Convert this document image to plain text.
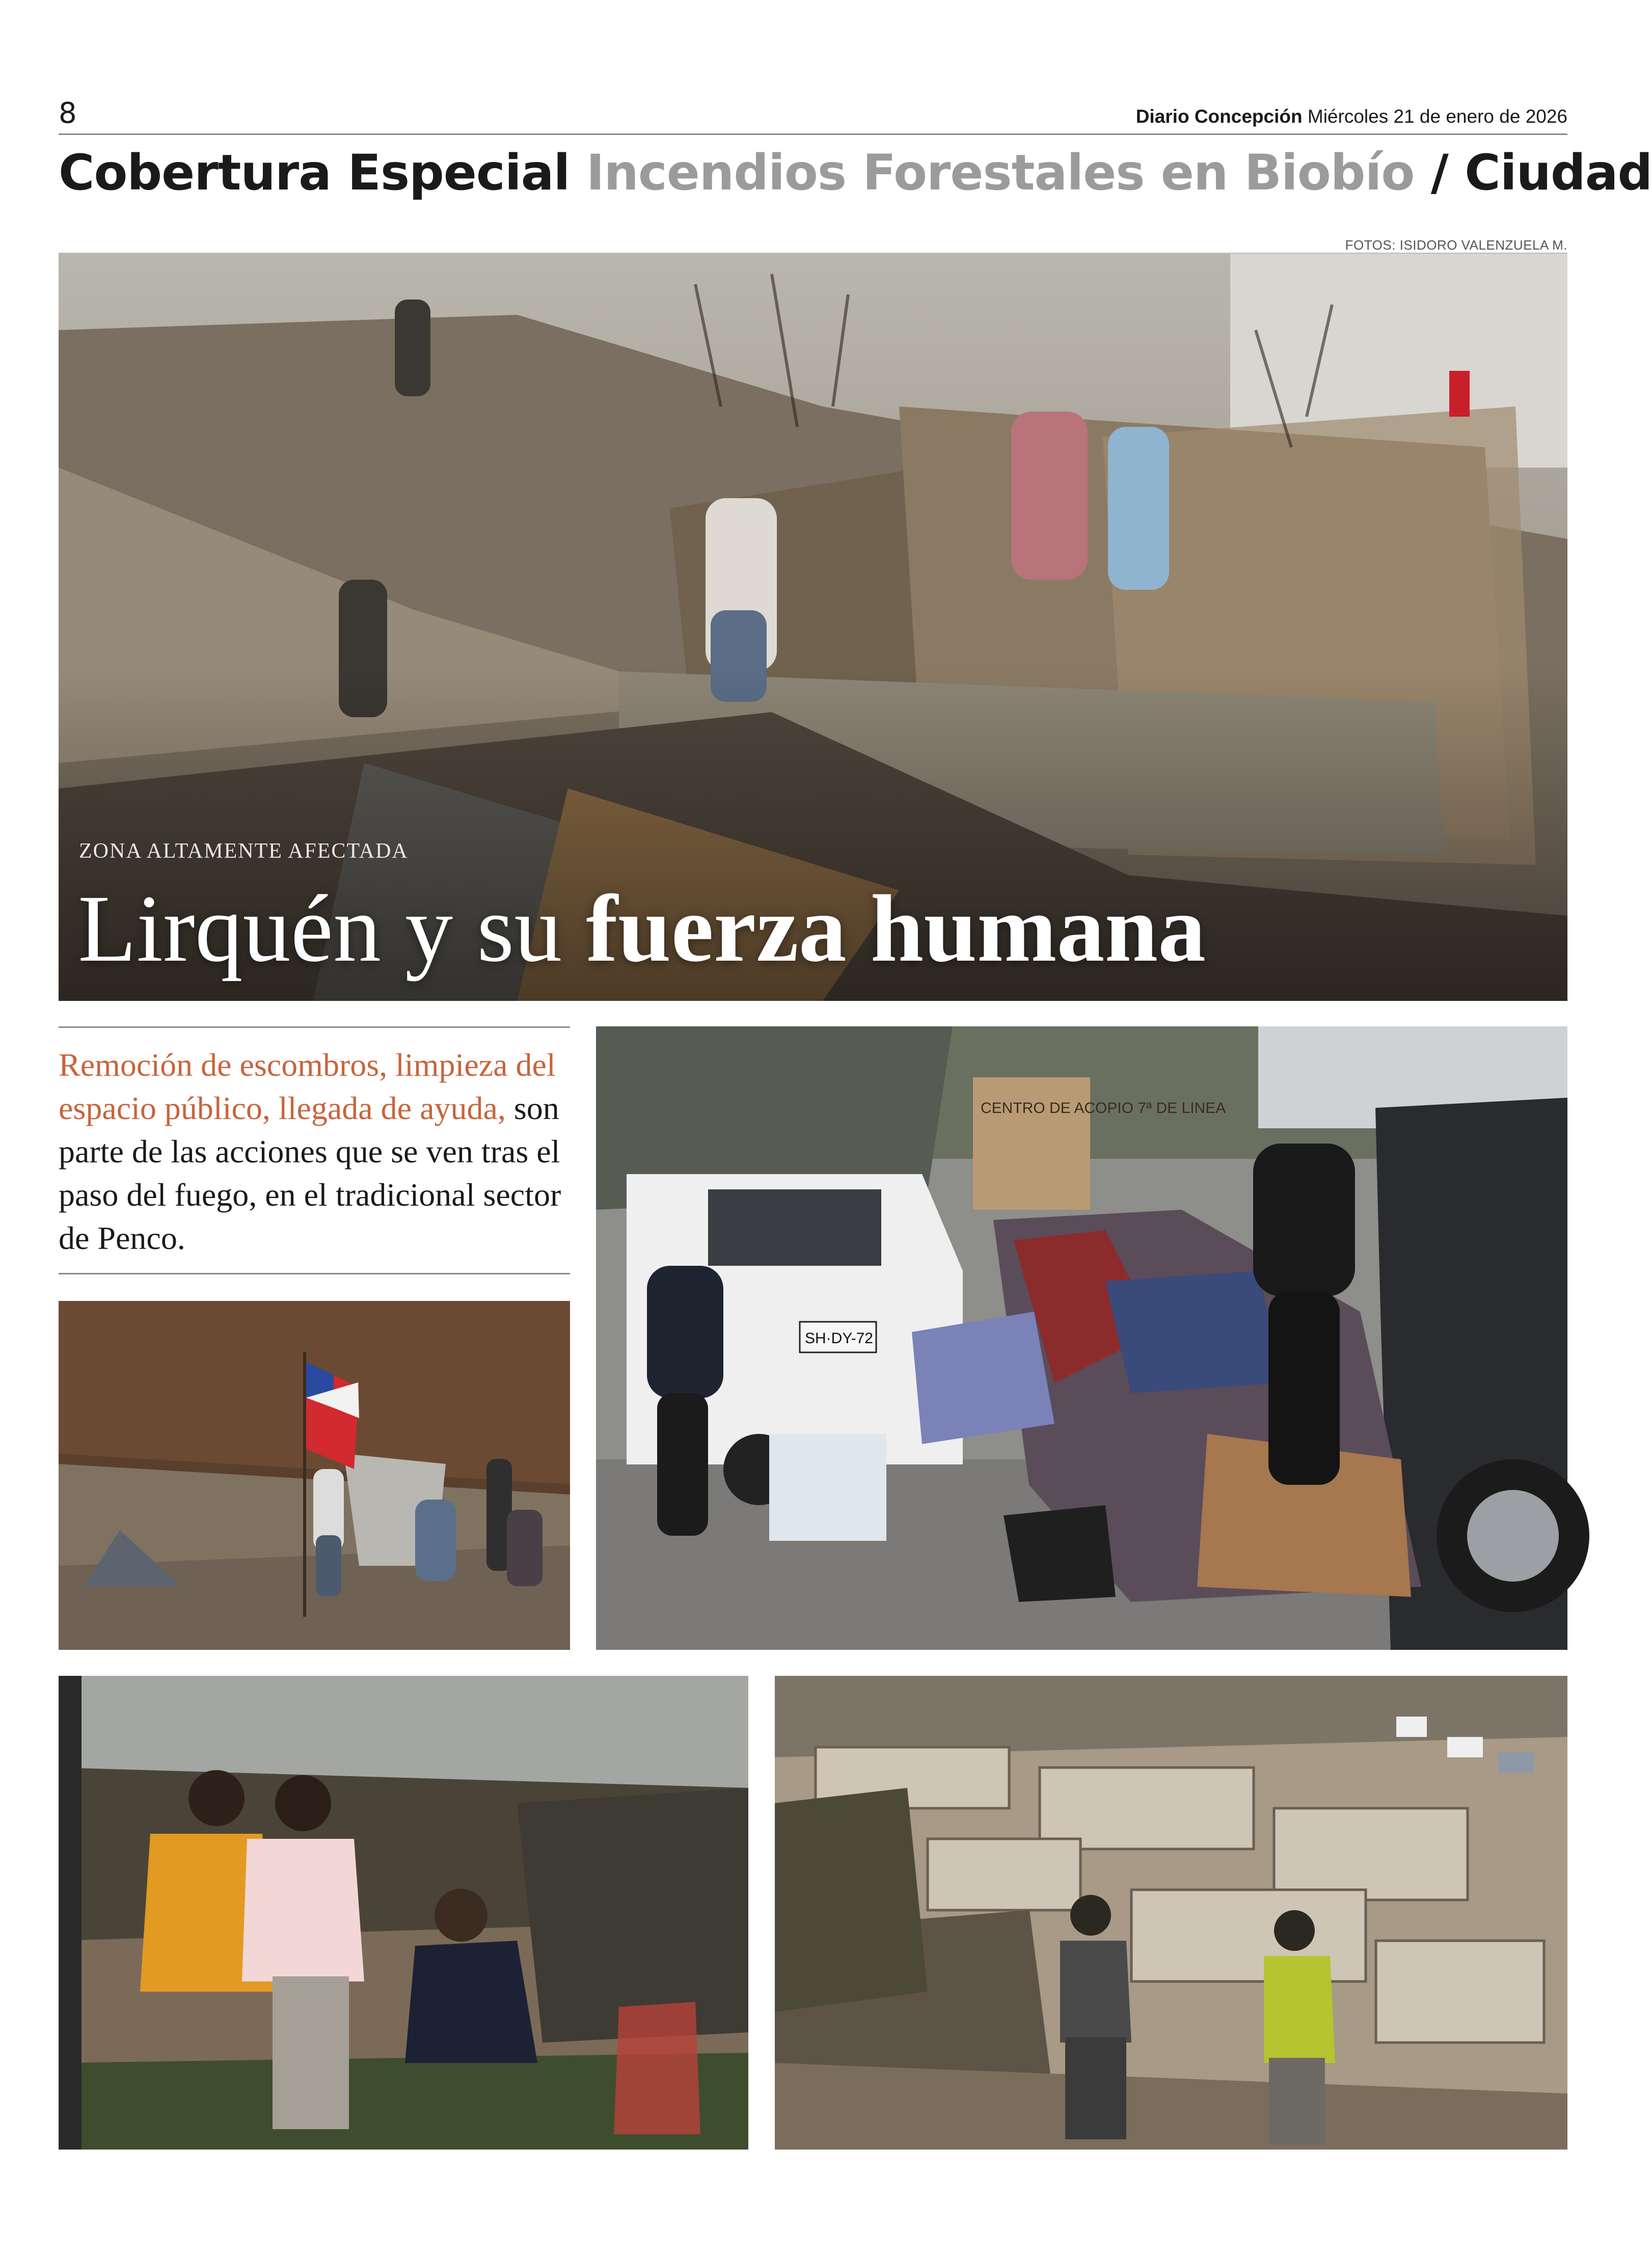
8	Diario Concepción Miércoles 21 de enero de 2026
Cobertura Especial Incendios Forestales en Biobío / Ciudad
FOTOS: ISIDORO VALENZUELA M.
ZONA ALTAMENTE AFECTADA
Lirquén y su fuerza humana
Remoción de escombros, limpieza del espacio público, llegada de ayuda, son parte de las acciones que se ven tras el paso del fuego, en el tradicional sector de Penco.
CENTRO DE ACOPIO 7ª DE LINEA
SH·DY-72
